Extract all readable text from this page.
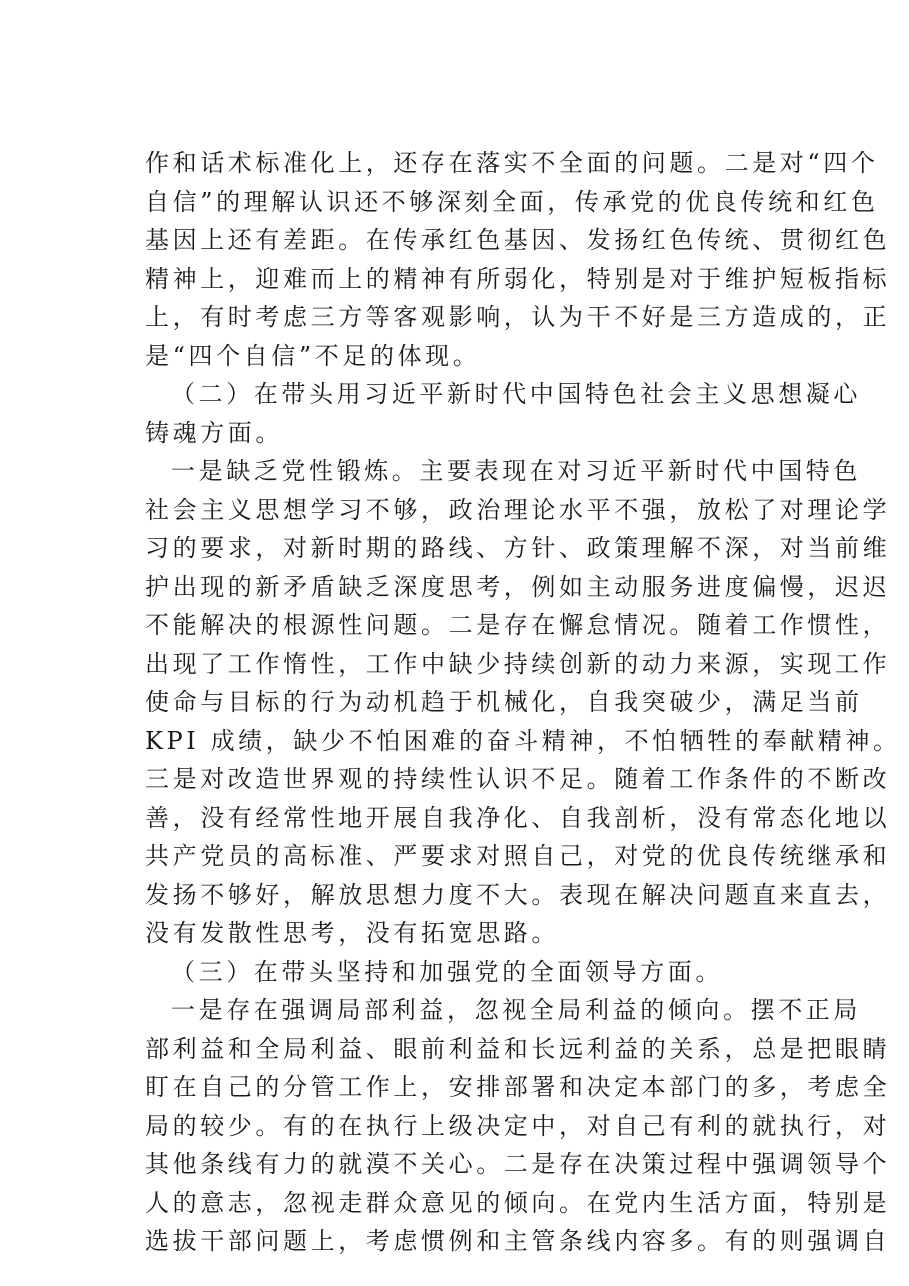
作和话术标准化上，还存在落实不全面的问题。二是对“四个
自信”的理解认识还不够深刻全面，传承党的优良传统和红色
基因上还有差距。在传承红色基因、发扬红色传统、贯彻红色
精神上，迎难而上的精神有所弱化，特别是对于维护短板指标
上，有时考虑三方等客观影响，认为干不好是三方造成的，正
是“四个自信”不足的体现。
（二）在带头用习近平新时代中国特色社会主义思想凝心
铸魂方面。
一是缺乏党性锻炼。主要表现在对习近平新时代中国特色
社会主义思想学习不够，政治理论水平不强，放松了对理论学
习的要求，对新时期的路线、方针、政策理解不深，对当前维
护出现的新矛盾缺乏深度思考，例如主动服务进度偏慢，迟迟
不能解决的根源性问题。二是存在懈怠情况。随着工作惯性，
出现了工作惰性，工作中缺少持续创新的动力来源，实现工作
使命与目标的行为动机趋于机械化，自我突破少，满足当前
KPI 成绩，缺少不怕困难的奋斗精神，不怕牺牲的奉献精神。
三是对改造世界观的持续性认识不足。随着工作条件的不断改
善，没有经常性地开展自我净化、自我剖析，没有常态化地以
共产党员的高标准、严要求对照自己，对党的优良传统继承和
发扬不够好，解放思想力度不大。表现在解决问题直来直去，
没有发散性思考，没有拓宽思路。
（三）在带头坚持和加强党的全面领导方面。
一是存在强调局部利益，忽视全局利益的倾向。摆不正局
部利益和全局利益、眼前利益和长远利益的关系，总是把眼睛
盯在自己的分管工作上，安排部署和决定本部门的多，考虑全
局的较少。有的在执行上级决定中，对自己有利的就执行，对
其他条线有力的就漠不关心。二是存在决策过程中强调领导个
人的意志，忽视走群众意见的倾向。在党内生活方面，特别是
选拔干部问题上，考虑惯例和主管条线内容多。有的则强调自
